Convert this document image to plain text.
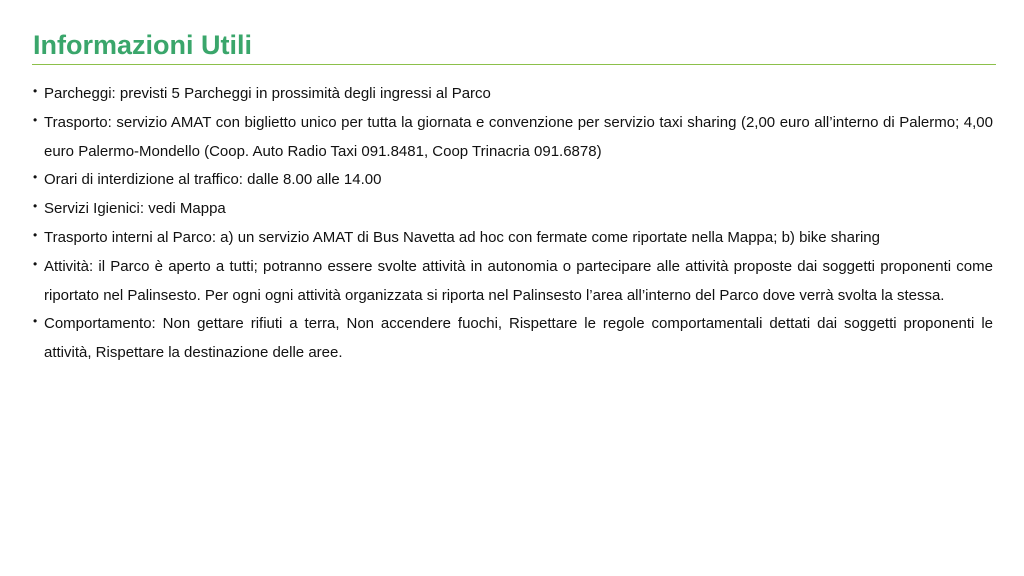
Informazioni Utili
• Parcheggi: previsti 5 Parcheggi in prossimità degli ingressi al Parco
• Trasporto: servizio AMAT con biglietto unico per tutta la giornata e convenzione per servizio taxi sharing (2,00 euro all’interno di Palermo; 4,00 euro Palermo-Mondello (Coop. Auto Radio Taxi 091.8481, Coop Trinacria 091.6878)
• Orari di interdizione al traffico: dalle 8.00 alle 14.00
• Servizi Igienici: vedi Mappa
• Trasporto interni al Parco: a) un servizio AMAT di Bus Navetta ad hoc con fermate come riportate nella Mappa; b) bike sharing
• Attività: il Parco è aperto a tutti; potranno essere svolte attività in autonomia o partecipare alle attività proposte dai soggetti proponenti come riportato nel Palinsesto. Per ogni ogni attività organizzata si riporta nel Palinsesto l’area all’interno del Parco dove verrà svolta la stessa.
• Comportamento: Non gettare rifiuti a terra, Non accendere fuochi, Rispettare le regole comportamentali dettati dai soggetti proponenti le attività, Rispettare la destinazione delle aree.
